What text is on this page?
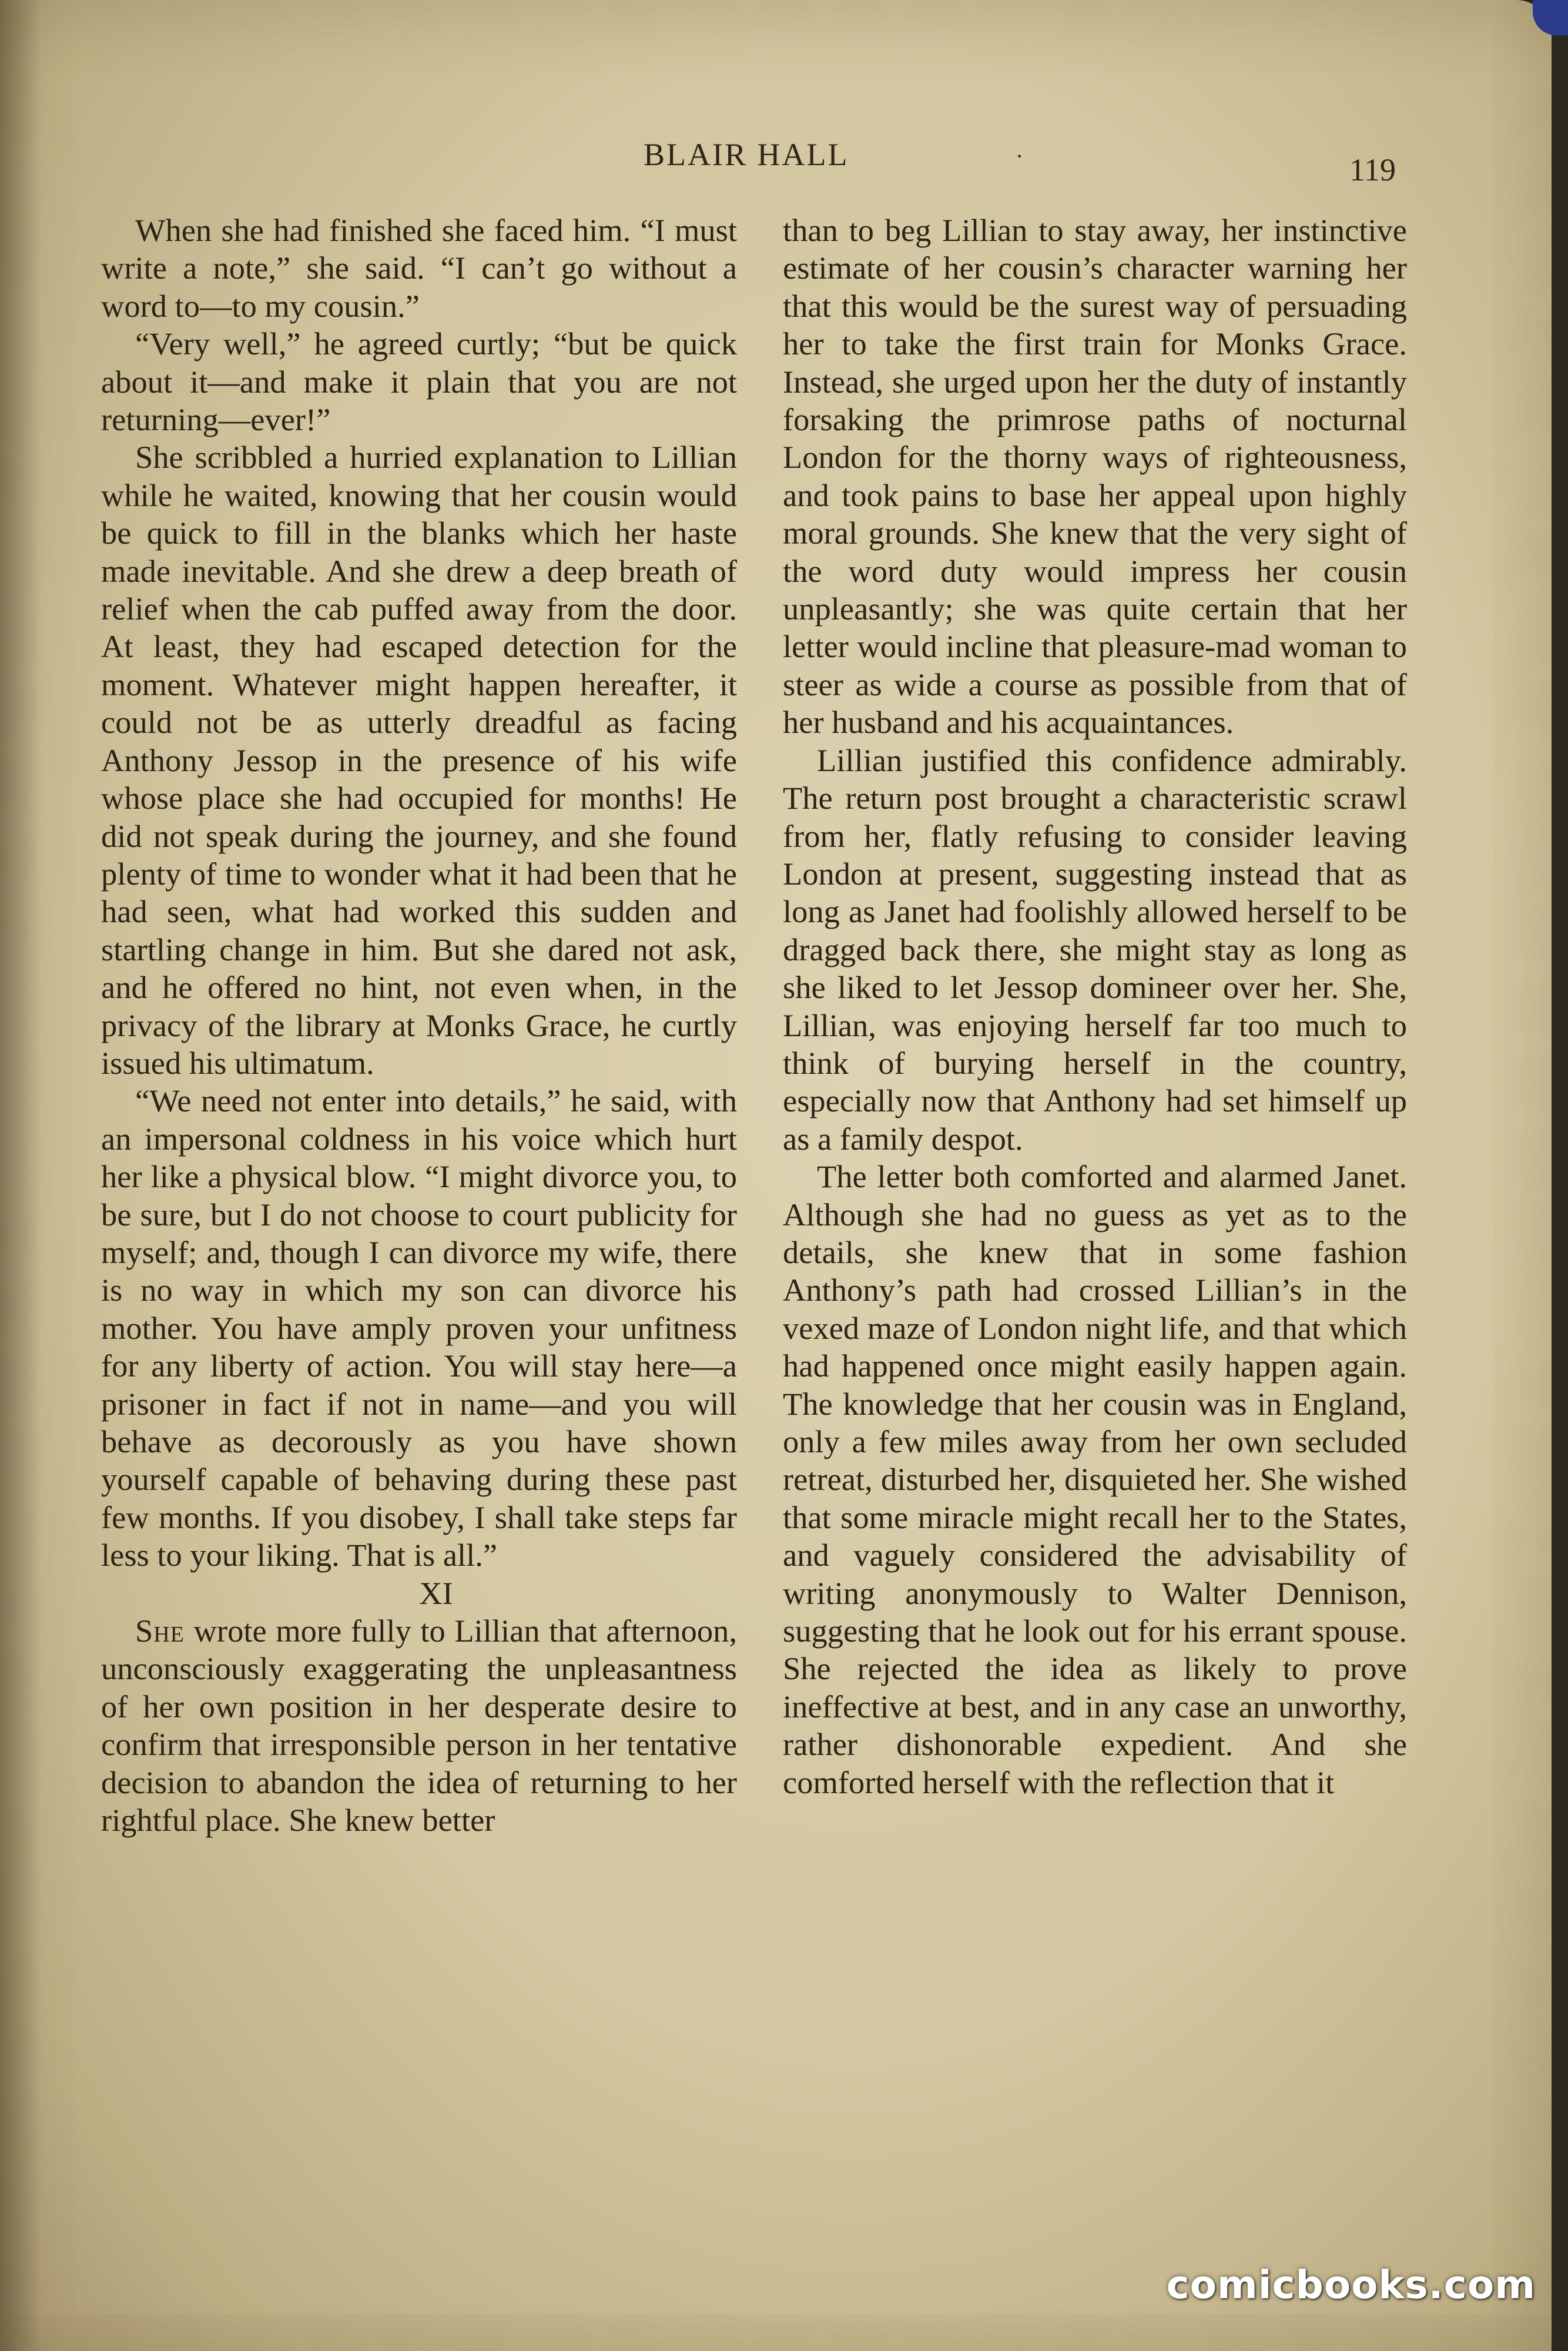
BLAIR HALL	·	119

When she had finished she faced him. “I must write a note,” she said. “I can’t go without a word to—to my cousin.”

“Very well,” he agreed curtly; “but be quick about it—and make it plain that you are not returning—ever!”

She scribbled a hurried explanation to Lillian while he waited, knowing that her cousin would be quick to fill in the blanks which her haste made inevitable. And she drew a deep breath of relief when the cab puffed away from the door. At least, they had escaped detection for the moment. Whatever might happen hereafter, it could not be as utterly dreadful as facing Anthony Jessop in the presence of his wife whose place she had occupied for months! He did not speak during the journey, and she found plenty of time to wonder what it had been that he had seen, what had worked this sudden and startling change in him. But she dared not ask, and he offered no hint, not even when, in the privacy of the library at Monks Grace, he curtly issued his ultimatum.

“We need not enter into details,” he said, with an impersonal coldness in his voice which hurt her like a physical blow. “I might divorce you, to be sure, but I do not choose to court publicity for myself; and, though I can divorce my wife, there is no way in which my son can divorce his mother. You have amply proven your unfitness for any liberty of action. You will stay here—a prisoner in fact if not in name—and you will behave as decorously as you have shown yourself capable of behaving during these past few months. If you disobey, I shall take steps far less to your liking. That is all.”

XI

She wrote more fully to Lillian that afternoon, unconsciously exaggerating the unpleasantness of her own position in her desperate desire to confirm that irresponsible person in her tentative decision to abandon the idea of returning to her rightful place. She knew better

than to beg Lillian to stay away, her instinctive estimate of her cousin’s character warning her that this would be the surest way of persuading her to take the first train for Monks Grace. Instead, she urged upon her the duty of instantly forsaking the primrose paths of nocturnal London for the thorny ways of righteousness, and took pains to base her appeal upon highly moral grounds. She knew that the very sight of the word duty would impress her cousin unpleasantly; she was quite certain that her letter would incline that pleasure-mad woman to steer as wide a course as possible from that of her husband and his acquaintances.

Lillian justified this confidence admirably. The return post brought a characteristic scrawl from her, flatly refusing to consider leaving London at present, suggesting instead that as long as Janet had foolishly allowed herself to be dragged back there, she might stay as long as she liked to let Jessop domineer over her. She, Lillian, was enjoying herself far too much to think of burying herself in the country, especially now that Anthony had set himself up as a family despot.

The letter both comforted and alarmed Janet. Although she had no guess as yet as to the details, she knew that in some fashion Anthony’s path had crossed Lillian’s in the vexed maze of London night life, and that which had happened once might easily happen again. The knowledge that her cousin was in England, only a few miles away from her own secluded retreat, disturbed her, disquieted her. She wished that some miracle might recall her to the States, and vaguely considered the advisability of writing anonymously to Walter Dennison, suggesting that he look out for his errant spouse. She rejected the idea as likely to prove ineffective at best, and in any case an unworthy, rather dishonorable expedient. And she comforted herself with the reflection that it

comicbooks.com
